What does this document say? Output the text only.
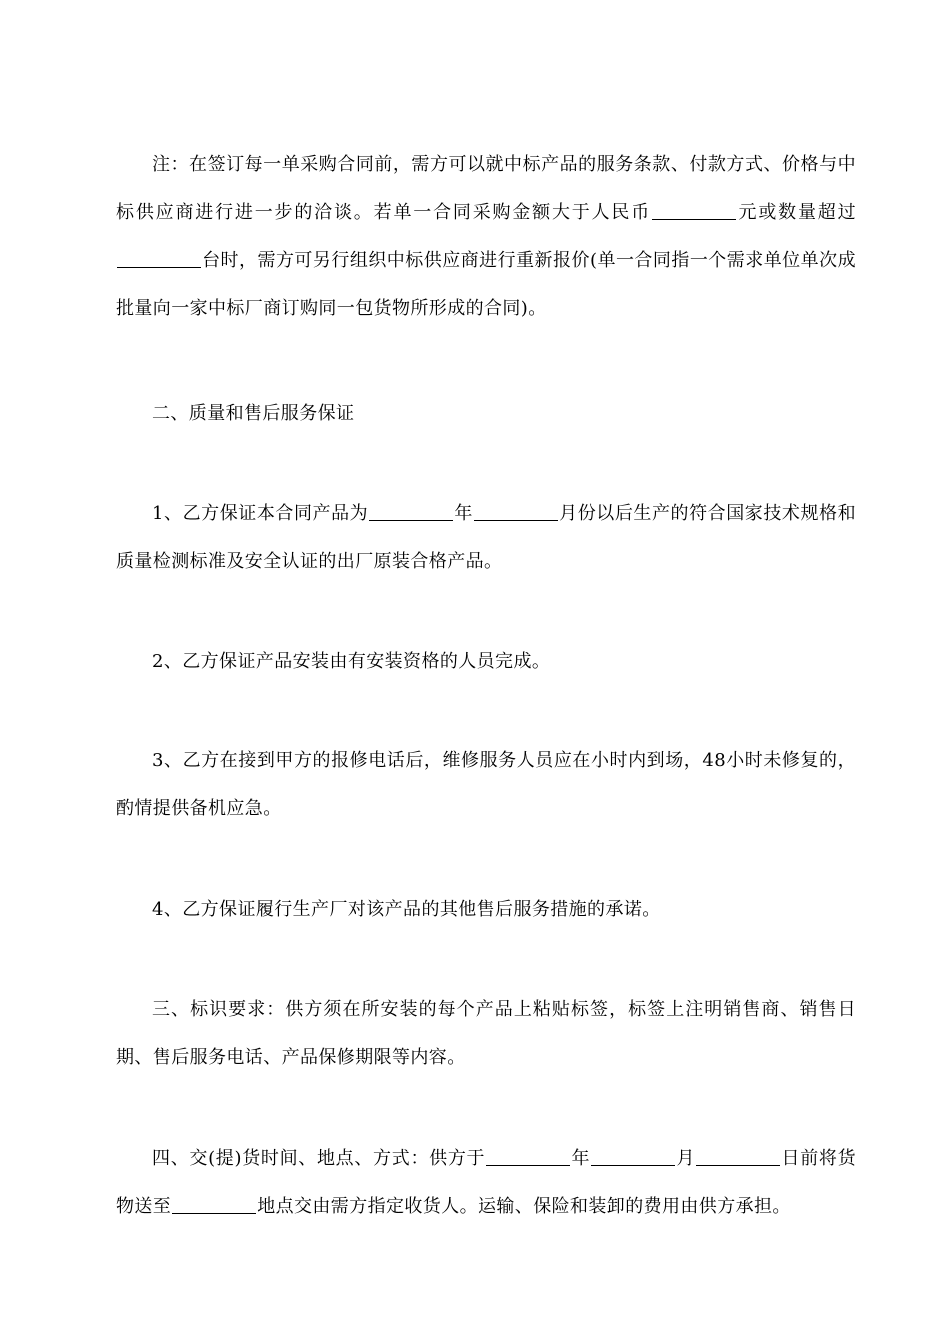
注：在签订每一单采购合同前，需方可以就中标产品的服务条款、付款方式、价格与中标供应商进行进一步的洽谈。若单一合同采购金额大于人民币	元或数量超过台时，需方可另行组织中标供应商进行重新报价(单一合同指一个需求单位单次成批量向一家中标厂商订购同一包货物所形成的合同)。

二、质量和售后服务保证

1、乙方保证本合同产品为	年	月份以后生产的符合国家技术规格和质量检测标准及安全认证的出厂原装合格产品。

2、乙方保证产品安装由有安装资格的人员完成。

3、乙方在接到甲方的报修电话后，维修服务人员应在小时内到场，48小时未修复的，酌情提供备机应急。

4、乙方保证履行生产厂对该产品的其他售后服务措施的承诺。

三、标识要求：供方须在所安装的每个产品上粘贴标签，标签上注明销售商、销售日期、售后服务电话、产品保修期限等内容。

四、交(提)货时间、地点、方式：供方于	年	月	日前将货物送至	地点交由需方指定收货人。运输、保险和装卸的费用由供方承担。
